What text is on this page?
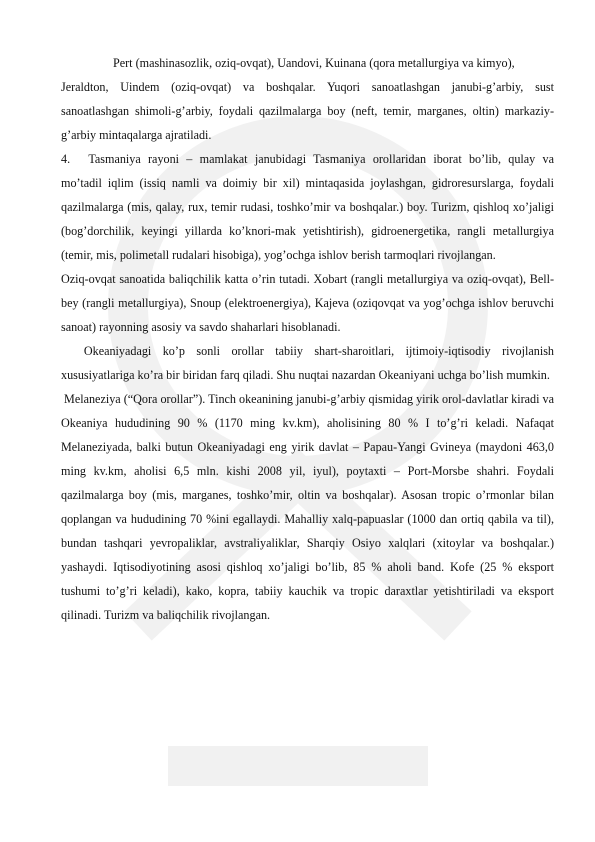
Pert (mashinasozlik, oziq-ovqat), Uandovi, Kuinana (qora metallurgiya va kimyo),

Jeraldton, Uindem (oziq-ovqat) va boshqalar. Yuqori sanoatlashgan janubi-g’arbiy, sust sanoatlashgan shimoli-g’arbiy, foydali qazilmalarga boy (neft, temir, marganes, oltin) markaziy-g’arbiy mintaqalarga ajratiladi.

4.  Tasmaniya rayoni – mamlakat janubidagi Tasmaniya orollaridan iborat bo’lib, qulay va mo’tadil iqlim (issiq namli va doimiy bir xil) mintaqasida joylashgan, gidroresurslarga, foydali qazilmalarga (mis, qalay, rux, temir rudasi, toshko’mir va boshqalar.) boy. Turizm, qishloq xo’jaligi (bog’dorchilik, keyingi yillarda ko’knori-mak yetishtirish), gidroenergetika, rangli metallurgiya (temir, mis, polimetall rudalari hisobiga), yog’ochga ishlov berish tarmoqlari rivojlangan.

Oziq-ovqat sanoatida baliqchilik katta o’rin tutadi. Xobart (rangli metallurgiya va oziq-ovqat), Bell-bey (rangli metallurgiya), Snoup (elektroenergiya), Kajeva (oziqovqat va yog’ochga ishlov beruvchi sanoat) rayonning asosiy va savdo shaharlari hisoblanadi.

Okeaniyadagi ko’p sonli orollar tabiiy shart-sharoitlari, ijtimoiy-iqtisodiy rivojlanish xususiyatlariga ko’ra bir biridan farq qiladi. Shu nuqtai nazardan Okeaniyani uchga bo’lish mumkin.

Melaneziya (“Qora orollar”). Tinch okeanining janubi-g’arbiy qismidag yirik orol-davlatlar kiradi va Okeaniya hududining 90 % (1170 ming kv.km), aholisining 80 % I to’g’ri keladi. Nafaqat Melaneziyada, balki butun Okeaniyadagi eng yirik davlat – Papau-Yangi Gvineya (maydoni 463,0 ming kv.km, aholisi 6,5 mln. kishi 2008 yil, iyul), poytaxti – Port-Morsbe shahri. Foydali qazilmalarga boy (mis, marganes, toshko’mir, oltin va boshqalar). Asosan tropic o’rmonlar bilan qoplangan va hududining 70 %ini egallaydi. Mahalliy xalq-papuaslar (1000 dan ortiq qabila va til), bundan tashqari yevropaliklar, avstraliyaliklar, Sharqiy Osiyo xalqlari (xitoylar va boshqalar.) yashaydi. Iqtisodiyotining asosi qishloq xo’jaligi bo’lib, 85 % aholi band. Kofe (25 % eksport tushumi to’g’ri keladi), kako, kopra, tabiiy kauchik va tropic daraxtlar yetishtiriladi va eksport qilinadi. Turizm va baliqchilik rivojlangan.
